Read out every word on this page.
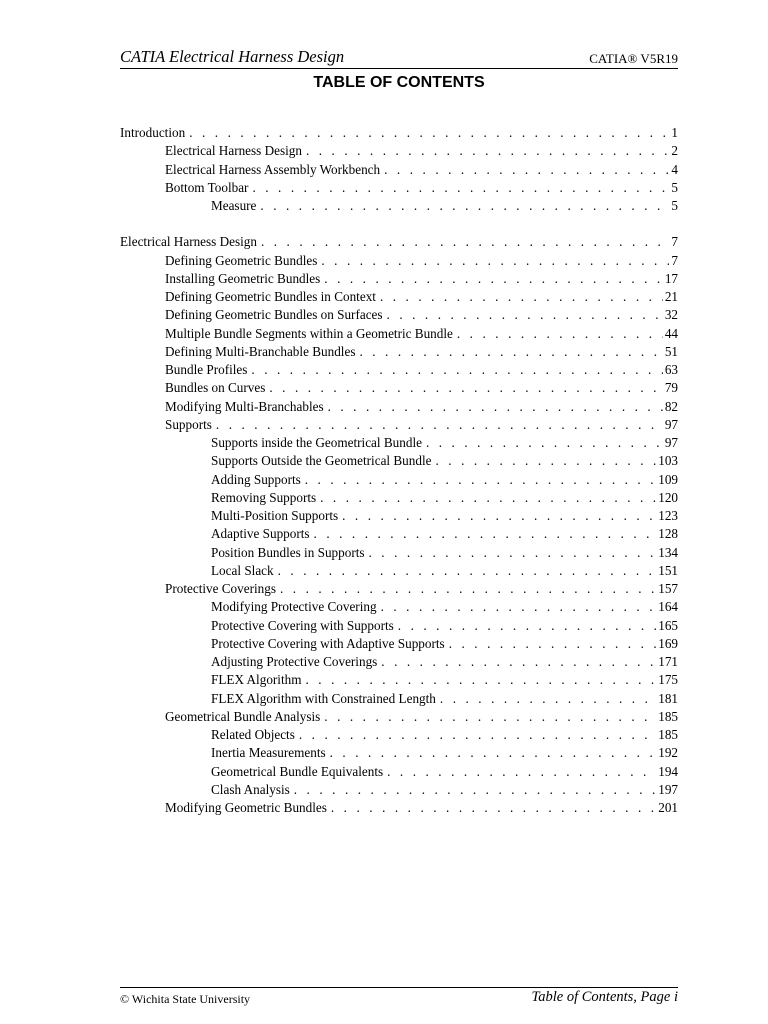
CATIA Electrical Harness Design	CATIA® V5R19
TABLE OF CONTENTS
Introduction . . .	1
Electrical Harness Design . . .	2
Electrical Harness Assembly Workbench . . .	4
Bottom Toolbar . . .	5
Measure . . .	5
Electrical Harness Design . . .	7
Defining Geometric Bundles . . .	7
Installing Geometric Bundles . . .	17
Defining Geometric Bundles in Context . . .	21
Defining Geometric Bundles on Surfaces . . .	32
Multiple Bundle Segments within a Geometric Bundle . . .	44
Defining Multi-Branchable Bundles . . .	51
Bundle Profiles . . .	63
Bundles on Curves . . .	79
Modifying Multi-Branchables . . .	82
Supports . . .	97
Supports inside the Geometrical Bundle . . .	97
Supports Outside the Geometrical Bundle . . .	103
Adding Supports . . .	109
Removing Supports . . .	120
Multi-Position Supports . . .	123
Adaptive Supports . . .	128
Position Bundles in Supports . . .	134
Local Slack . . .	151
Protective Coverings . . .	157
Modifying Protective Covering . . .	164
Protective Covering with Supports . . .	165
Protective Covering with Adaptive Supports . . .	169
Adjusting Protective Coverings . . .	171
FLEX Algorithm . . .	175
FLEX Algorithm with Constrained Length . . .	181
Geometrical Bundle Analysis . . .	185
Related Objects . . .	185
Inertia Measurements . . .	192
Geometrical Bundle Equivalents . . .	194
Clash Analysis . . .	197
Modifying Geometric Bundles . . .	201
© Wichita State University	Table of Contents, Page i
